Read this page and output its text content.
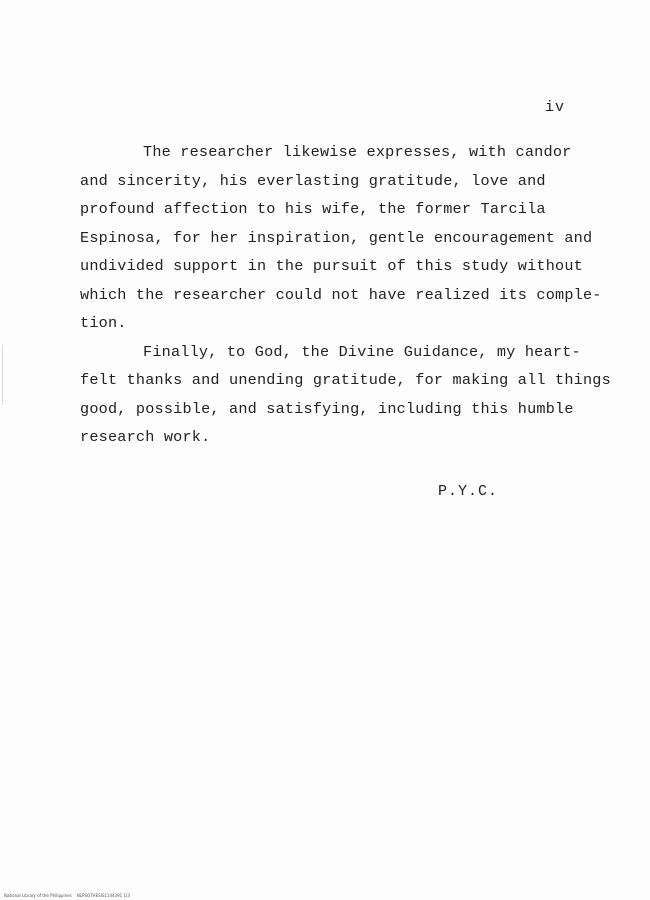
iv
The researcher likewise expresses, with candor
and sincerity, his everlasting gratitude, love and
profound affection to his wife, the former Tarcila
Espinosa, for her inspiration, gentle encouragement and
undivided support in the pursuit of this study without
which the researcher could not have realized its comple-
tion.
Finally, to God, the Divine Guidance, my heart-
felt thanks and unending gratitude, for making all things
good, possible, and satisfying, including this humble
research work.
P.Y.C.
National Library of the Philippines    NLPSOTHESIS1144391 1/3
